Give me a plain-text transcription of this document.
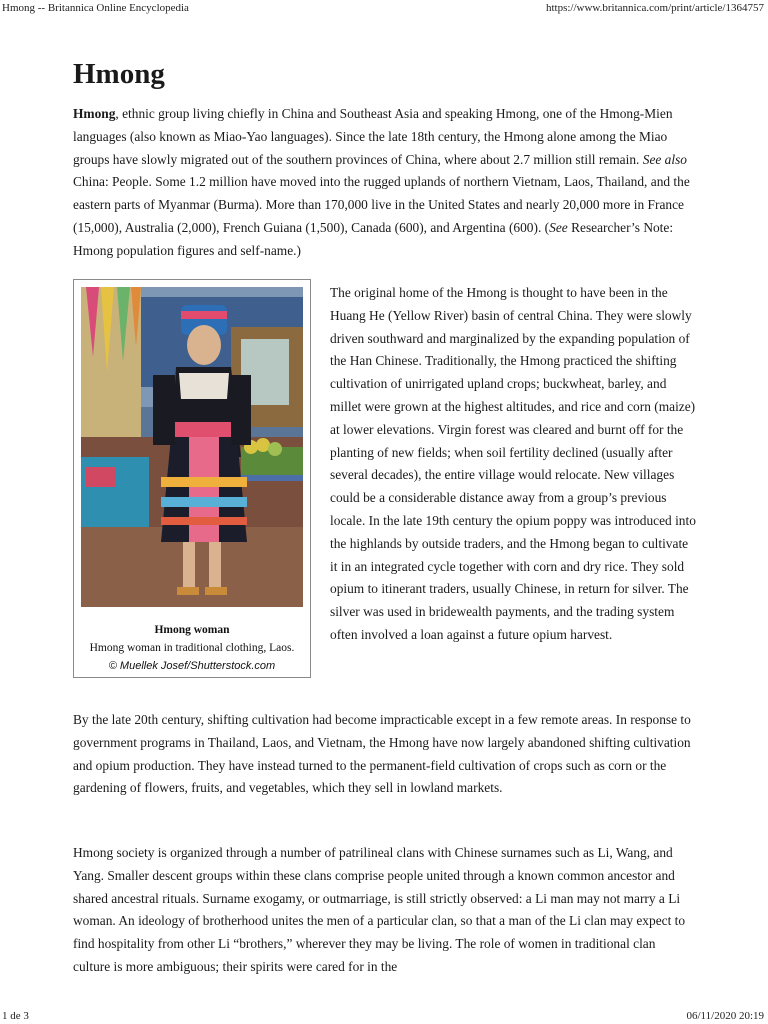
Hmong -- Britannica Online Encyclopedia	https://www.britannica.com/print/article/1364757
Hmong

Hmong, ethnic group living chiefly in China and Southeast Asia and speaking Hmong, one of the Hmong-Mien languages (also known as Miao-Yao languages). Since the late 18th century, the Hmong alone among the Miao groups have slowly migrated out of the southern provinces of China, where about 2.7 million still remain. See also China: People. Some 1.2 million have moved into the rugged uplands of northern Vietnam, Laos, Thailand, and the eastern parts of Myanmar (Burma). More than 170,000 live in the United States and nearly 20,000 more in France (15,000), Australia (2,000), French Guiana (1,500), Canada (600), and Argentina (600). (See Researcher’s Note: Hmong population figures and self-name.)

Hmong woman
Hmong woman in traditional clothing, Laos.
© Muellek Josef/Shutterstock.com

The original home of the Hmong is thought to have been in the Huang He (Yellow River) basin of central China. They were slowly driven southward and marginalized by the expanding population of the Han Chinese. Traditionally, the Hmong practiced the shifting cultivation of unirrigated upland crops; buckwheat, barley, and millet were grown at the highest altitudes, and rice and corn (maize) at lower elevations. Virgin forest was cleared and burnt off for the planting of new fields; when soil fertility declined (usually after several decades), the entire village would relocate. New villages could be a considerable distance away from a group’s previous locale. In the late 19th century the opium poppy was introduced into the highlands by outside traders, and the Hmong began to cultivate it in an integrated cycle together with corn and dry rice. They sold opium to itinerant traders, usually Chinese, in return for silver. The silver was used in bridewealth payments, and the trading system often involved a loan against a future opium harvest.

By the late 20th century, shifting cultivation had become impracticable except in a few remote areas. In response to government programs in Thailand, Laos, and Vietnam, the Hmong have now largely abandoned shifting cultivation and opium production. They have instead turned to the permanent-field cultivation of crops such as corn or the gardening of flowers, fruits, and vegetables, which they sell in lowland markets.

Hmong society is organized through a number of patrilineal clans with Chinese surnames such as Li, Wang, and Yang. Smaller descent groups within these clans comprise people united through a known common ancestor and shared ancestral rituals. Surname exogamy, or outmarriage, is still strictly observed: a Li man may not marry a Li woman. An ideology of brotherhood unites the men of a particular clan, so that a man of the Li clan may expect to find hospitality from other Li “brothers,” wherever they may be living. The role of women in traditional clan culture is more ambiguous; their spirits were cared for in the

1 de 3	06/11/2020 20:19
